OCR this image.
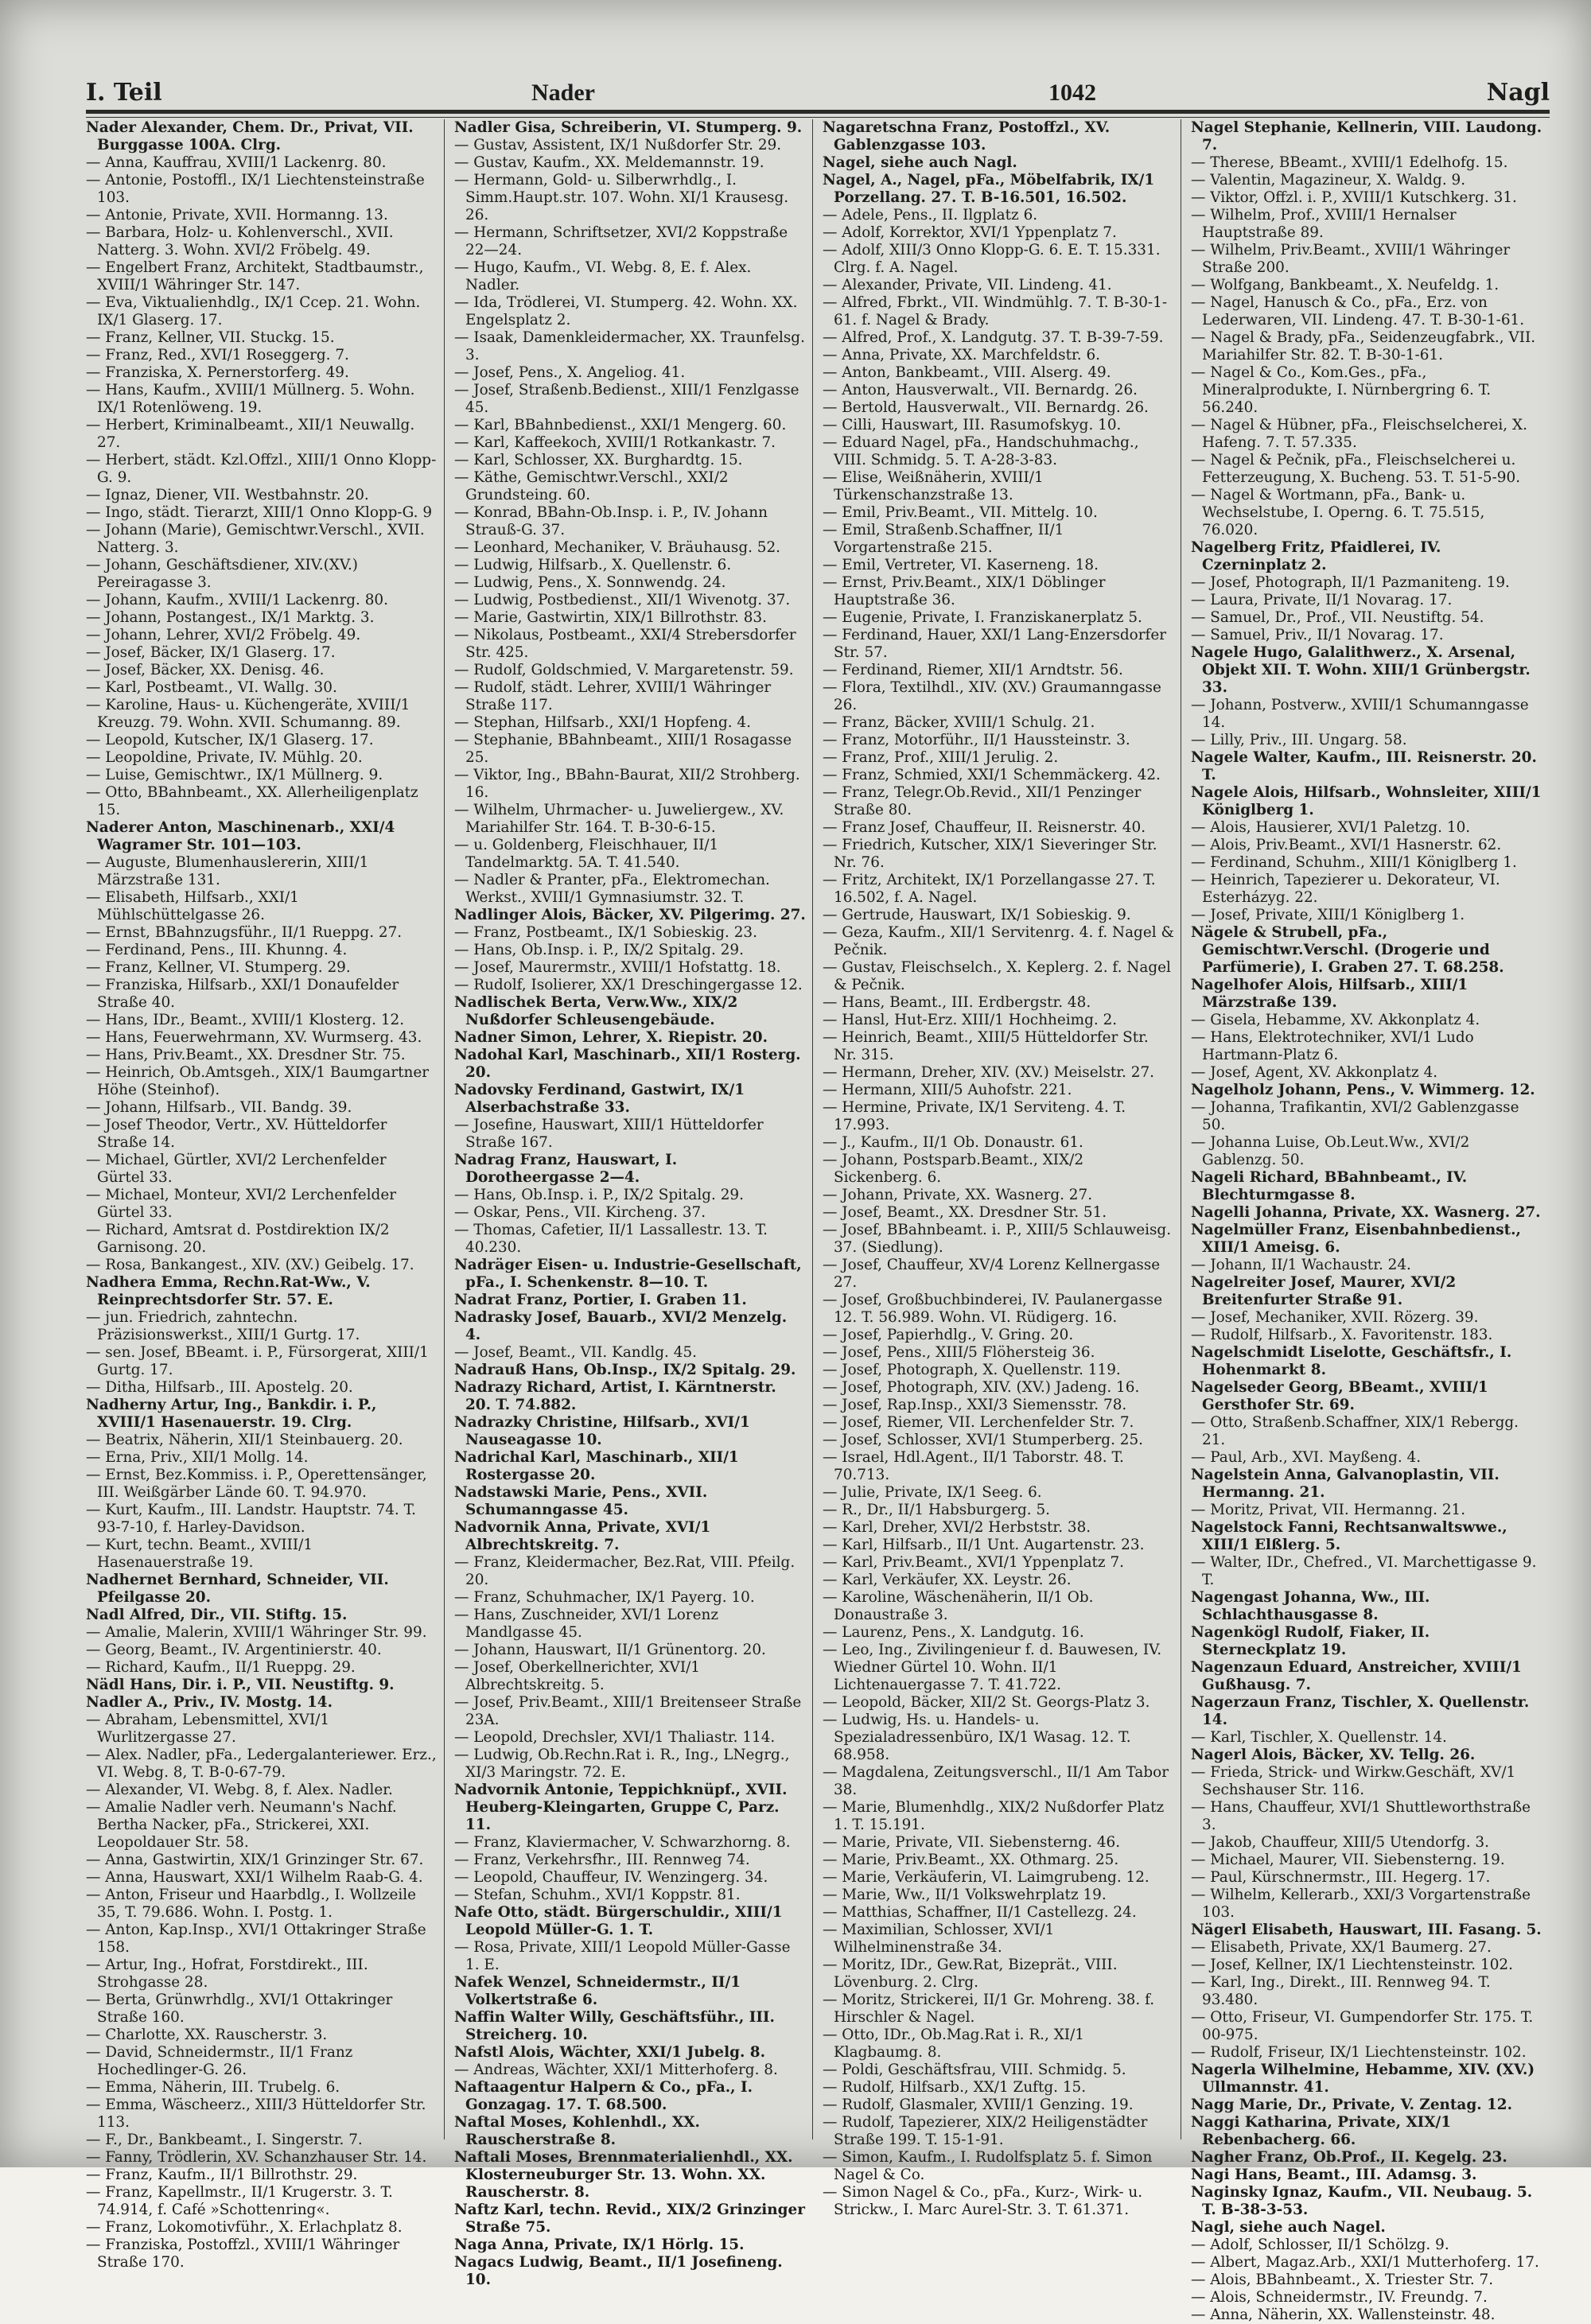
I. Teil	Nader	1042	Nagl

Nader Alexander, Chem. Dr., Privat, VII. Burggasse 100A. Clrg.

— Anna, Kauffrau, XVIII/1 Lackenrg. 80.

— Antonie, Postoffl., IX/1 Liechtensteinstraße 103.

— Antonie, Private, XVII. Hormanng. 13.

— Barbara, Holz- u. Kohlenverschl., XVII. Natterg. 3. Wohn. XVI/2 Fröbelg. 49.

— Engelbert Franz, Architekt, Stadtbaumstr., XVIII/1 Währinger Str. 147.

— Eva, Viktualienhdlg., IX/1 Ccep. 21. Wohn. IX/1 Glaserg. 17.

— Franz, Kellner, VII. Stuckg. 15.

— Franz, Red., XVI/1 Roseggerg. 7.

— Franziska, X. Pernerstorferg. 49.

— Hans, Kaufm., XVIII/1 Müllnerg. 5. Wohn. IX/1 Rotenlöweng. 19.

— Herbert, Kriminalbeamt., XII/1 Neuwallg. 27.

— Herbert, städt. Kzl.Offzl., XIII/1 Onno Klopp-G. 9.

— Ignaz, Diener, VII. Westbahnstr. 20.

— Ingo, städt. Tierarzt, XIII/1 Onno Klopp-G. 9

— Johann (Marie), Gemischtwr.Verschl., XVII. Natterg. 3.

— Johann, Geschäftsdiener, XIV.(XV.) Pereiragasse 3.

— Johann, Kaufm., XVIII/1 Lackenrg. 80.

— Johann, Postangest., IX/1 Marktg. 3.

— Johann, Lehrer, XVI/2 Fröbelg. 49.

— Josef, Bäcker, IX/1 Glaserg. 17.

— Josef, Bäcker, XX. Denisg. 46.

— Karl, Postbeamt., VI. Wallg. 30.

— Karoline, Haus- u. Küchengeräte, XVIII/1 Kreuzg. 79. Wohn. XVII. Schumanng. 89.

— Leopold, Kutscher, IX/1 Glaserg. 17.

— Leopoldine, Private, IV. Mühlg. 20.

— Luise, Gemischtwr., IX/1 Müllnerg. 9.

— Otto, BBahnbeamt., XX. Allerheiligenplatz 15.

Naderer Anton, Maschinenarb., XXI/4 Wagramer Str. 101—103.

— Auguste, Blumenhauslererin, XIII/1 Märzstraße 131.

— Elisabeth, Hilfsarb., XXI/1 Mühlschüttelgasse 26.

— Ernst, BBahnzugsführ., II/1 Rueppg. 27.

— Ferdinand, Pens., III. Khunng. 4.

— Franz, Kellner, VI. Stumperg. 29.

— Franziska, Hilfsarb., XXI/1 Donaufelder Straße 40.

— Hans, IDr., Beamt., XVIII/1 Klosterg. 12.

— Hans, Feuerwehrmann, XV. Wurmserg. 43.

— Hans, Priv.Beamt., XX. Dresdner Str. 75.

— Heinrich, Ob.Amtsgeh., XIX/1 Baumgartner Höhe (Steinhof).

— Johann, Hilfsarb., VII. Bandg. 39.

— Josef Theodor, Vertr., XV. Hütteldorfer Straße 14.

— Michael, Gürtler, XVI/2 Lerchenfelder Gürtel 33.

— Michael, Monteur, XVI/2 Lerchenfelder Gürtel 33.

— Richard, Amtsrat d. Postdirektion IX/2 Garnisong. 20.

— Rosa, Bankangest., XIV. (XV.) Geibelg. 17.

Nadhera Emma, Rechn.Rat-Ww., V. Reinprechtsdorfer Str. 57. E.

— jun. Friedrich, zahntechn. Präzisionswerkst., XIII/1 Gurtg. 17.

— sen. Josef, BBeamt. i. P., Fürsorgerat, XIII/1 Gurtg. 17.

— Ditha, Hilfsarb., III. Apostelg. 20.

Nadherny Artur, Ing., Bankdir. i. P., XVIII/1 Hasenauerstr. 19. Clrg.

— Beatrix, Näherin, XII/1 Steinbauerg. 20.

— Erna, Priv., XII/1 Mollg. 14.

— Ernst, Bez.Kommiss. i. P., Operettensänger, III. Weißgärber Lände 60. T. 94.970.

— Kurt, Kaufm., III. Landstr. Hauptstr. 74. T. 93-7-10, f. Harley-Davidson.

— Kurt, techn. Beamt., XVIII/1 Hasenauerstraße 19.

Nadhernet Bernhard, Schneider, VII. Pfeilgasse 20.

Nadl Alfred, Dir., VII. Stiftg. 15.

— Amalie, Malerin, XVIII/1 Währinger Str. 99.

— Georg, Beamt., IV. Argentinierstr. 40.

— Richard, Kaufm., II/1 Rueppg. 29.

Nädl Hans, Dir. i. P., VII. Neustiftg. 9.

Nadler A., Priv., IV. Mostg. 14.

— Abraham, Lebensmittel, XVI/1 Wurlitzergasse 27.

— Alex. Nadler, pFa., Ledergalanteriewer. Erz., VI. Webg. 8, T. B-0-67-79.

— Alexander, VI. Webg. 8, f. Alex. Nadler.

— Amalie Nadler verh. Neumann's Nachf. Bertha Nacker, pFa., Strickerei, XXI. Leopoldauer Str. 58.

— Anna, Gastwirtin, XIX/1 Grinzinger Str. 67.

— Anna, Hauswart, XXI/1 Wilhelm Raab-G. 4.

— Anton, Friseur und Haarbdlg., I. Wollzeile 35, T. 79.686. Wohn. I. Postg. 1.

— Anton, Kap.Insp., XVI/1 Ottakringer Straße 158.

— Artur, Ing., Hofrat, Forstdirekt., III. Strohgasse 28.

— Berta, Grünwrhdlg., XVI/1 Ottakringer Straße 160.

— Charlotte, XX. Rauscherstr. 3.

— David, Schneidermstr., II/1 Franz Hochedlinger-G. 26.

— Emma, Näherin, III. Trubelg. 6.

— Emma, Wäscheerz., XIII/3 Hütteldorfer Str. 113.

— F., Dr., Bankbeamt., I. Singerstr. 7.

— Fanny, Trödlerin, XV. Schanzhauser Str. 14.

— Franz, Kaufm., II/1 Billrothstr. 29.

— Franz, Kapellmstr., II/1 Krugerstr. 3. T. 74.914, f. Café »Schottenring«.

— Franz, Lokomotivführ., X. Erlachplatz 8.

— Franziska, Postoffzl., XVIII/1 Währinger Straße 170.

Nadler Gisa, Schreiberin, VI. Stumperg. 9.

— Gustav, Assistent, IX/1 Nußdorfer Str. 29.

— Gustav, Kaufm., XX. Meldemannstr. 19.

— Hermann, Gold- u. Silberwrhdlg., I. Simm.Haupt.str. 107. Wohn. XI/1 Krausesg. 26.

— Hermann, Schriftsetzer, XVI/2 Koppstraße 22—24.

— Hugo, Kaufm., VI. Webg. 8, E. f. Alex. Nadler.

— Ida, Trödlerei, VI. Stumperg. 42. Wohn. XX. Engelsplatz 2.

— Isaak, Damenkleidermacher, XX. Traunfelsg. 3.

— Josef, Pens., X. Angeliog. 41.

— Josef, Straßenb.Bedienst., XIII/1 Fenzlgasse 45.

— Karl, BBahnbedienst., XXI/1 Mengerg. 60.

— Karl, Kaffeekoch, XVIII/1 Rotkankastr. 7.

— Karl, Schlosser, XX. Burghardtg. 15.

— Käthe, Gemischtwr.Verschl., XXI/2 Grundsteing. 60.

— Konrad, BBahn-Ob.Insp. i. P., IV. Johann Strauß-G. 37.

— Leonhard, Mechaniker, V. Bräuhausg. 52.

— Ludwig, Hilfsarb., X. Quellenstr. 6.

— Ludwig, Pens., X. Sonnwendg. 24.

— Ludwig, Postbedienst., XII/1 Wivenotg. 37.

— Marie, Gastwirtin, XIX/1 Billrothstr. 83.

— Nikolaus, Postbeamt., XXI/4 Strebersdorfer Str. 425.

— Rudolf, Goldschmied, V. Margaretenstr. 59.

— Rudolf, städt. Lehrer, XVIII/1 Währinger Straße 117.

— Stephan, Hilfsarb., XXI/1 Hopfeng. 4.

— Stephanie, BBahnbeamt., XIII/1 Rosagasse 25.

— Viktor, Ing., BBahn-Baurat, XII/2 Strohberg. 16.

— Wilhelm, Uhrmacher- u. Juweliergew., XV. Mariahilfer Str. 164. T. B-30-6-15.

— u. Goldenberg, Fleischhauer, II/1 Tandelmarktg. 5A. T. 41.540.

— Nadler & Pranter, pFa., Elektromechan. Werkst., XVIII/1 Gymnasiumstr. 32. T.

Nadlinger Alois, Bäcker, XV. Pilgerimg. 27.

— Franz, Postbeamt., IX/1 Sobieskig. 23.

— Hans, Ob.Insp. i. P., IX/2 Spitalg. 29.

— Josef, Maurermstr., XVIII/1 Hofstattg. 18.

— Rudolf, Isolierer, XX/1 Dreschingergasse 12.

Nadlischek Berta, Verw.Ww., XIX/2 Nußdorfer Schleusengebäude.

Nadner Simon, Lehrer, X. Riepistr. 20.

Nadohal Karl, Maschinarb., XII/1 Rosterg. 20.

Nadovsky Ferdinand, Gastwirt, IX/1 Alserbachstraße 33.

— Josefine, Hauswart, XIII/1 Hütteldorfer Straße 167.

Nadrag Franz, Hauswart, I. Dorotheergasse 2—4.

— Hans, Ob.Insp. i. P., IX/2 Spitalg. 29.

— Oskar, Pens., VII. Kircheng. 37.

— Thomas, Cafetier, II/1 Lassallestr. 13. T. 40.230.

Nadräger Eisen- u. Industrie-Gesellschaft, pFa., I. Schenkenstr. 8—10. T.

Nadrat Franz, Portier, I. Graben 11.

Nadrasky Josef, Bauarb., XVI/2 Menzelg. 4.

— Josef, Beamt., VII. Kandlg. 45.

Nadrauß Hans, Ob.Insp., IX/2 Spitalg. 29.

Nadrazy Richard, Artist, I. Kärntnerstr. 20. T. 74.882.

Nadrazky Christine, Hilfsarb., XVI/1 Nauseagasse 10.

Nadrichal Karl, Maschinarb., XII/1 Rostergasse 20.

Nadstawski Marie, Pens., XVII. Schumanngasse 45.

Nadvornik Anna, Private, XVI/1 Albrechtskreitg. 7.

— Franz, Kleidermacher, Bez.Rat, VIII. Pfeilg. 20.

— Franz, Schuhmacher, IX/1 Payerg. 10.

— Hans, Zuschneider, XVI/1 Lorenz Mandlgasse 45.

— Johann, Hauswart, II/1 Grünentorg. 20.

— Josef, Oberkellnerichter, XVI/1 Albrechtskreitg. 5.

— Josef, Priv.Beamt., XIII/1 Breitenseer Straße 23A.

— Leopold, Drechsler, XVI/1 Thaliastr. 114.

— Ludwig, Ob.Rechn.Rat i. R., Ing., LNegrg., XI/3 Maringstr. 72. E.

Nadvornik Antonie, Teppichknüpf., XVII. Heuberg-Kleingarten, Gruppe C, Parz. 11.

— Franz, Klaviermacher, V. Schwarzhorng. 8.

— Franz, Verkehrsfhr., III. Rennweg 74.

— Leopold, Chauffeur, IV. Wenzingerg. 34.

— Stefan, Schuhm., XVI/1 Koppstr. 81.

Nafe Otto, städt. Bürgerschuldir., XIII/1 Leopold Müller-G. 1. T.

— Rosa, Private, XIII/1 Leopold Müller-Gasse 1. E.

Nafek Wenzel, Schneidermstr., II/1 Volkertstraße 6.

Naffin Walter Willy, Geschäftsführ., III. Streicherg. 10.

Nafstl Alois, Wächter, XXI/1 Jubelg. 8.

— Andreas, Wächter, XXI/1 Mitterhoferg. 8.

Naftaagentur Halpern & Co., pFa., I. Gonzagag. 17. T. 68.500.

Naftal Moses, Kohlenhdl., XX. Rauscherstraße 8.

Naftali Moses, Brennmaterialienhdl., XX. Klosterneuburger Str. 13. Wohn. XX. Rauscherstr. 8.

Naftz Karl, techn. Revid., XIX/2 Grinzinger Straße 75.

Naga Anna, Private, IX/1 Hörlg. 15.

Nagacs Ludwig, Beamt., II/1 Josefineng. 10.

Nagaretschna Franz, Postoffzl., XV. Gablenzgasse 103.

Nagel, siehe auch Nagl.

Nagel, A., Nagel, pFa., Möbelfabrik, IX/1 Porzellang. 27. T. B-16.501, 16.502.

— Adele, Pens., II. Ilgplatz 6.

— Adolf, Korrektor, XVI/1 Yppenplatz 7.

— Adolf, XIII/3 Onno Klopp-G. 6. E. T. 15.331. Clrg. f. A. Nagel.

— Alexander, Private, VII. Lindeng. 41.

— Alfred, Fbrkt., VII. Windmühlg. 7. T. B-30-1-61. f. Nagel & Brady.

— Alfred, Prof., X. Landgutg. 37. T. B-39-7-59.

— Anna, Private, XX. Marchfeldstr. 6.

— Anton, Bankbeamt., VIII. Alserg. 49.

— Anton, Hausverwalt., VII. Bernardg. 26.

— Bertold, Hausverwalt., VII. Bernardg. 26.

— Cilli, Hauswart, III. Rasumofskyg. 10.

— Eduard Nagel, pFa., Handschuhmachg., VIII. Schmidg. 5. T. A-28-3-83.

— Elise, Weißnäherin, XVIII/1 Türkenschanzstraße 13.

— Emil, Priv.Beamt., VII. Mittelg. 10.

— Emil, Straßenb.Schaffner, II/1 Vorgartenstraße 215.

— Emil, Vertreter, VI. Kaserneng. 18.

— Ernst, Priv.Beamt., XIX/1 Döblinger Hauptstraße 36.

— Eugenie, Private, I. Franziskanerplatz 5.

— Ferdinand, Hauer, XXI/1 Lang-Enzersdorfer Str. 57.

— Ferdinand, Riemer, XII/1 Arndtstr. 56.

— Flora, Textilhdl., XIV. (XV.) Graumanngasse 26.

— Franz, Bäcker, XVIII/1 Schulg. 21.

— Franz, Motorführ., II/1 Haussteinstr. 3.

— Franz, Prof., XIII/1 Jerulig. 2.

— Franz, Schmied, XXI/1 Schemmäckerg. 42.

— Franz, Telegr.Ob.Revid., XII/1 Penzinger Straße 80.

— Franz Josef, Chauffeur, II. Reisnerstr. 40.

— Friedrich, Kutscher, XIX/1 Sieveringer Str. Nr. 76.

— Fritz, Architekt, IX/1 Porzellangasse 27. T. 16.502, f. A. Nagel.

— Gertrude, Hauswart, IX/1 Sobieskig. 9.

— Geza, Kaufm., XII/1 Servitenrg. 4. f. Nagel & Pečnik.

— Gustav, Fleischselch., X. Keplerg. 2. f. Nagel & Pečnik.

— Hans, Beamt., III. Erdbergstr. 48.

— Hansl, Hut-Erz. XIII/1 Hochheimg. 2.

— Heinrich, Beamt., XIII/5 Hütteldorfer Str. Nr. 315.

— Hermann, Dreher, XIV. (XV.) Meiselstr. 27.

— Hermann, XIII/5 Auhofstr. 221.

— Hermine, Private, IX/1 Serviteng. 4. T. 17.993.

— J., Kaufm., II/1 Ob. Donaustr. 61.

— Johann, Postsparb.Beamt., XIX/2 Sickenberg. 6.

— Johann, Private, XX. Wasnerg. 27.

— Josef, Beamt., XX. Dresdner Str. 51.

— Josef, BBahnbeamt. i. P., XIII/5 Schlauweisg. 37. (Siedlung).

— Josef, Chauffeur, XV/4 Lorenz Kellnergasse 27.

— Josef, Großbuchbinderei, IV. Paulanergasse 12. T. 56.989. Wohn. VI. Rüdigerg. 16.

— Josef, Papierhdlg., V. Gring. 20.

— Josef, Pens., XIII/5 Flöhersteig 36.

— Josef, Photograph, X. Quellenstr. 119.

— Josef, Photograph, XIV. (XV.) Jadeng. 16.

— Josef, Rap.Insp., XXI/3 Siemensstr. 78.

— Josef, Riemer, VII. Lerchenfelder Str. 7.

— Josef, Schlosser, XVI/1 Stumperberg. 25.

— Israel, Hdl.Agent., II/1 Taborstr. 48. T. 70.713.

— Julie, Private, IX/1 Seeg. 6.

— R., Dr., II/1 Habsburgerg. 5.

— Karl, Dreher, XVI/2 Herbststr. 38.

— Karl, Hilfsarb., II/1 Unt. Augartenstr. 23.

— Karl, Priv.Beamt., XVI/1 Yppenplatz 7.

— Karl, Verkäufer, XX. Leystr. 26.

— Karoline, Wäschenäherin, II/1 Ob. Donaustraße 3.

— Laurenz, Pens., X. Landgutg. 16.

— Leo, Ing., Zivilingenieur f. d. Bauwesen, IV. Wiedner Gürtel 10. Wohn. II/1 Lichtenauergasse 7. T. 41.722.

— Leopold, Bäcker, XII/2 St. Georgs-Platz 3.

— Ludwig, Hs. u. Handels- u. Spezialadressenbüro, IX/1 Wasag. 12. T. 68.958.

— Magdalena, Zeitungsverschl., II/1 Am Tabor 38.

— Marie, Blumenhdlg., XIX/2 Nußdorfer Platz 1. T. 15.191.

— Marie, Private, VII. Siebensterng. 46.

— Marie, Priv.Beamt., XX. Othmarg. 25.

— Marie, Verkäuferin, VI. Laimgrubeng. 12.

— Marie, Ww., II/1 Volkswehrplatz 19.

— Matthias, Schaffner, II/1 Castellezg. 24.

— Maximilian, Schlosser, XVI/1 Wilhelminenstraße 34.

— Moritz, IDr., Gew.Rat, Bizeprät., VIII. Lövenburg. 2. Clrg.

— Moritz, Strickerei, II/1 Gr. Mohreng. 38. f. Hirschler & Nagel.

— Otto, IDr., Ob.Mag.Rat i. R., XI/1 Klagbaumg. 8.

— Poldi, Geschäftsfrau, VIII. Schmidg. 5.

— Rudolf, Hilfsarb., XX/1 Zuftg. 15.

— Rudolf, Glasmaler, XVIII/1 Genzing. 19.

— Rudolf, Tapezierer, XIX/2 Heiligenstädter Straße 199. T. 15-1-91.

— Simon, Kaufm., I. Rudolfsplatz 5. f. Simon Nagel & Co.

— Simon Nagel & Co., pFa., Kurz-, Wirk- u. Strickw., I. Marc Aurel-Str. 3. T. 61.371.

Nagel Stephanie, Kellnerin, VIII. Laudong. 7.

— Therese, BBeamt., XVIII/1 Edelhofg. 15.

— Valentin, Magazineur, X. Waldg. 9.

— Viktor, Offzl. i. P., XVIII/1 Kutschkerg. 31.

— Wilhelm, Prof., XVIII/1 Hernalser Hauptstraße 89.

— Wilhelm, Priv.Beamt., XVIII/1 Währinger Straße 200.

— Wolfgang, Bankbeamt., X. Neufeldg. 1.

— Nagel, Hanusch & Co., pFa., Erz. von Lederwaren, VII. Lindeng. 47. T. B-30-1-61.

— Nagel & Brady, pFa., Seidenzeugfabrk., VII. Mariahilfer Str. 82. T. B-30-1-61.

— Nagel & Co., Kom.Ges., pFa., Mineralprodukte, I. Nürnbergring 6. T. 56.240.

— Nagel & Hübner, pFa., Fleischselcherei, X. Hafeng. 7. T. 57.335.

— Nagel & Pečnik, pFa., Fleischselcherei u. Fetterzeugung, X. Bucheng. 53. T. 51-5-90.

— Nagel & Wortmann, pFa., Bank- u. Wechselstube, I. Operng. 6. T. 75.515, 76.020.

Nagelberg Fritz, Pfaidlerei, IV. Czerninplatz 2.

— Josef, Photograph, II/1 Pazmaniteng. 19.

— Laura, Private, II/1 Novarag. 17.

— Samuel, Dr., Prof., VII. Neustiftg. 54.

— Samuel, Priv., II/1 Novarag. 17.

Nagele Hugo, Galalithwerz., X. Arsenal, Objekt XII. T. Wohn. XIII/1 Grünbergstr. 33.

— Johann, Postverw., XVIII/1 Schumanngasse 14.

— Lilly, Priv., III. Ungarg. 58.

Nagele Walter, Kaufm., III. Reisnerstr. 20. T.

Nagele Alois, Hilfsarb., Wohnsleiter, XIII/1 Königlberg 1.

— Alois, Hausierer, XVI/1 Paletzg. 10.

— Alois, Priv.Beamt., XVI/1 Hasnerstr. 62.

— Ferdinand, Schuhm., XIII/1 Königlberg 1.

— Heinrich, Tapezierer u. Dekorateur, VI. Esterházyg. 22.

— Josef, Private, XIII/1 Königlberg 1.

Nägele & Strubell, pFa., Gemischtwr.Verschl. (Drogerie und Parfümerie), I. Graben 27. T. 68.258.

Nagelhofer Alois, Hilfsarb., XIII/1 Märzstraße 139.

— Gisela, Hebamme, XV. Akkonplatz 4.

— Hans, Elektrotechniker, XVI/1 Ludo Hartmann-Platz 6.

— Josef, Agent, XV. Akkonplatz 4.

Nagelholz Johann, Pens., V. Wimmerg. 12.

— Johanna, Trafikantin, XVI/2 Gablenzgasse 50.

— Johanna Luise, Ob.Leut.Ww., XVI/2 Gablenzg. 50.

Nageli Richard, BBahnbeamt., IV. Blechturmgasse 8.

Nagelli Johanna, Private, XX. Wasnerg. 27.

Nagelmüller Franz, Eisenbahnbedienst., XIII/1 Ameisg. 6.

— Johann, II/1 Wachaustr. 24.

Nagelreiter Josef, Maurer, XVI/2 Breitenfurter Straße 91.

— Josef, Mechaniker, XVII. Rözerg. 39.

— Rudolf, Hilfsarb., X. Favoritenstr. 183.

Nagelschmidt Liselotte, Geschäftsfr., I. Hohenmarkt 8.

Nagelseder Georg, BBeamt., XVIII/1 Gersthofer Str. 69.

— Otto, Straßenb.Schaffner, XIX/1 Rebergg. 21.

— Paul, Arb., XVI. Mayßeng. 4.

Nagelstein Anna, Galvanoplastin, VII. Hermanng. 21.

— Moritz, Privat, VII. Hermanng. 21.

Nagelstock Fanni, Rechtsanwaltswwe., XIII/1 Elßlerg. 5.

— Walter, IDr., Chefred., VI. Marchettigasse 9. T.

Nagengast Johanna, Ww., III. Schlachthausgasse 8.

Nagenkögl Rudolf, Fiaker, II. Sterneckplatz 19.

Nagenzaun Eduard, Anstreicher, XVIII/1 Gußhausg. 7.

Nagerzaun Franz, Tischler, X. Quellenstr. 14.

— Karl, Tischler, X. Quellenstr. 14.

Nagerl Alois, Bäcker, XV. Tellg. 26.

— Frieda, Strick- und Wirkw.Geschäft, XV/1 Sechshauser Str. 116.

— Hans, Chauffeur, XVI/1 Shuttleworthstraße 3.

— Jakob, Chauffeur, XIII/5 Utendorfg. 3.

— Michael, Maurer, VII. Siebensterng. 19.

— Paul, Kürschnermstr., III. Hegerg. 17.

— Wilhelm, Kellerarb., XXI/3 Vorgartenstraße 103.

Nägerl Elisabeth, Hauswart, III. Fasang. 5.

— Elisabeth, Private, XX/1 Baumerg. 27.

— Josef, Kellner, IX/1 Liechtensteinstr. 102.

— Karl, Ing., Direkt., III. Rennweg 94. T. 93.480.

— Otto, Friseur, VI. Gumpendorfer Str. 175. T. 00-975.

— Rudolf, Friseur, IX/1 Liechtensteinstr. 102.

Nagerla Wilhelmine, Hebamme, XIV. (XV.) Ullmannstr. 41.

Nagg Marie, Dr., Private, V. Zentag. 12.

Naggi Katharina, Private, XIX/1 Rebenbacherg. 66.

Nagher Franz, Ob.Prof., II. Kegelg. 23.

Nagi Hans, Beamt., III. Adamsg. 3.

Naginsky Ignaz, Kaufm., VII. Neubaug. 5. T. B-38-3-53.

Nagl, siehe auch Nagel.

— Adolf, Schlosser, II/1 Schölzg. 9.

— Albert, Magaz.Arb., XXI/1 Mutterhoferg. 17.

— Alois, BBahnbeamt., X. Triester Str. 7.

— Alois, Schneidermstr., IV. Freundg. 7.

— Anna, Näherin, XX. Wallensteinstr. 48.
